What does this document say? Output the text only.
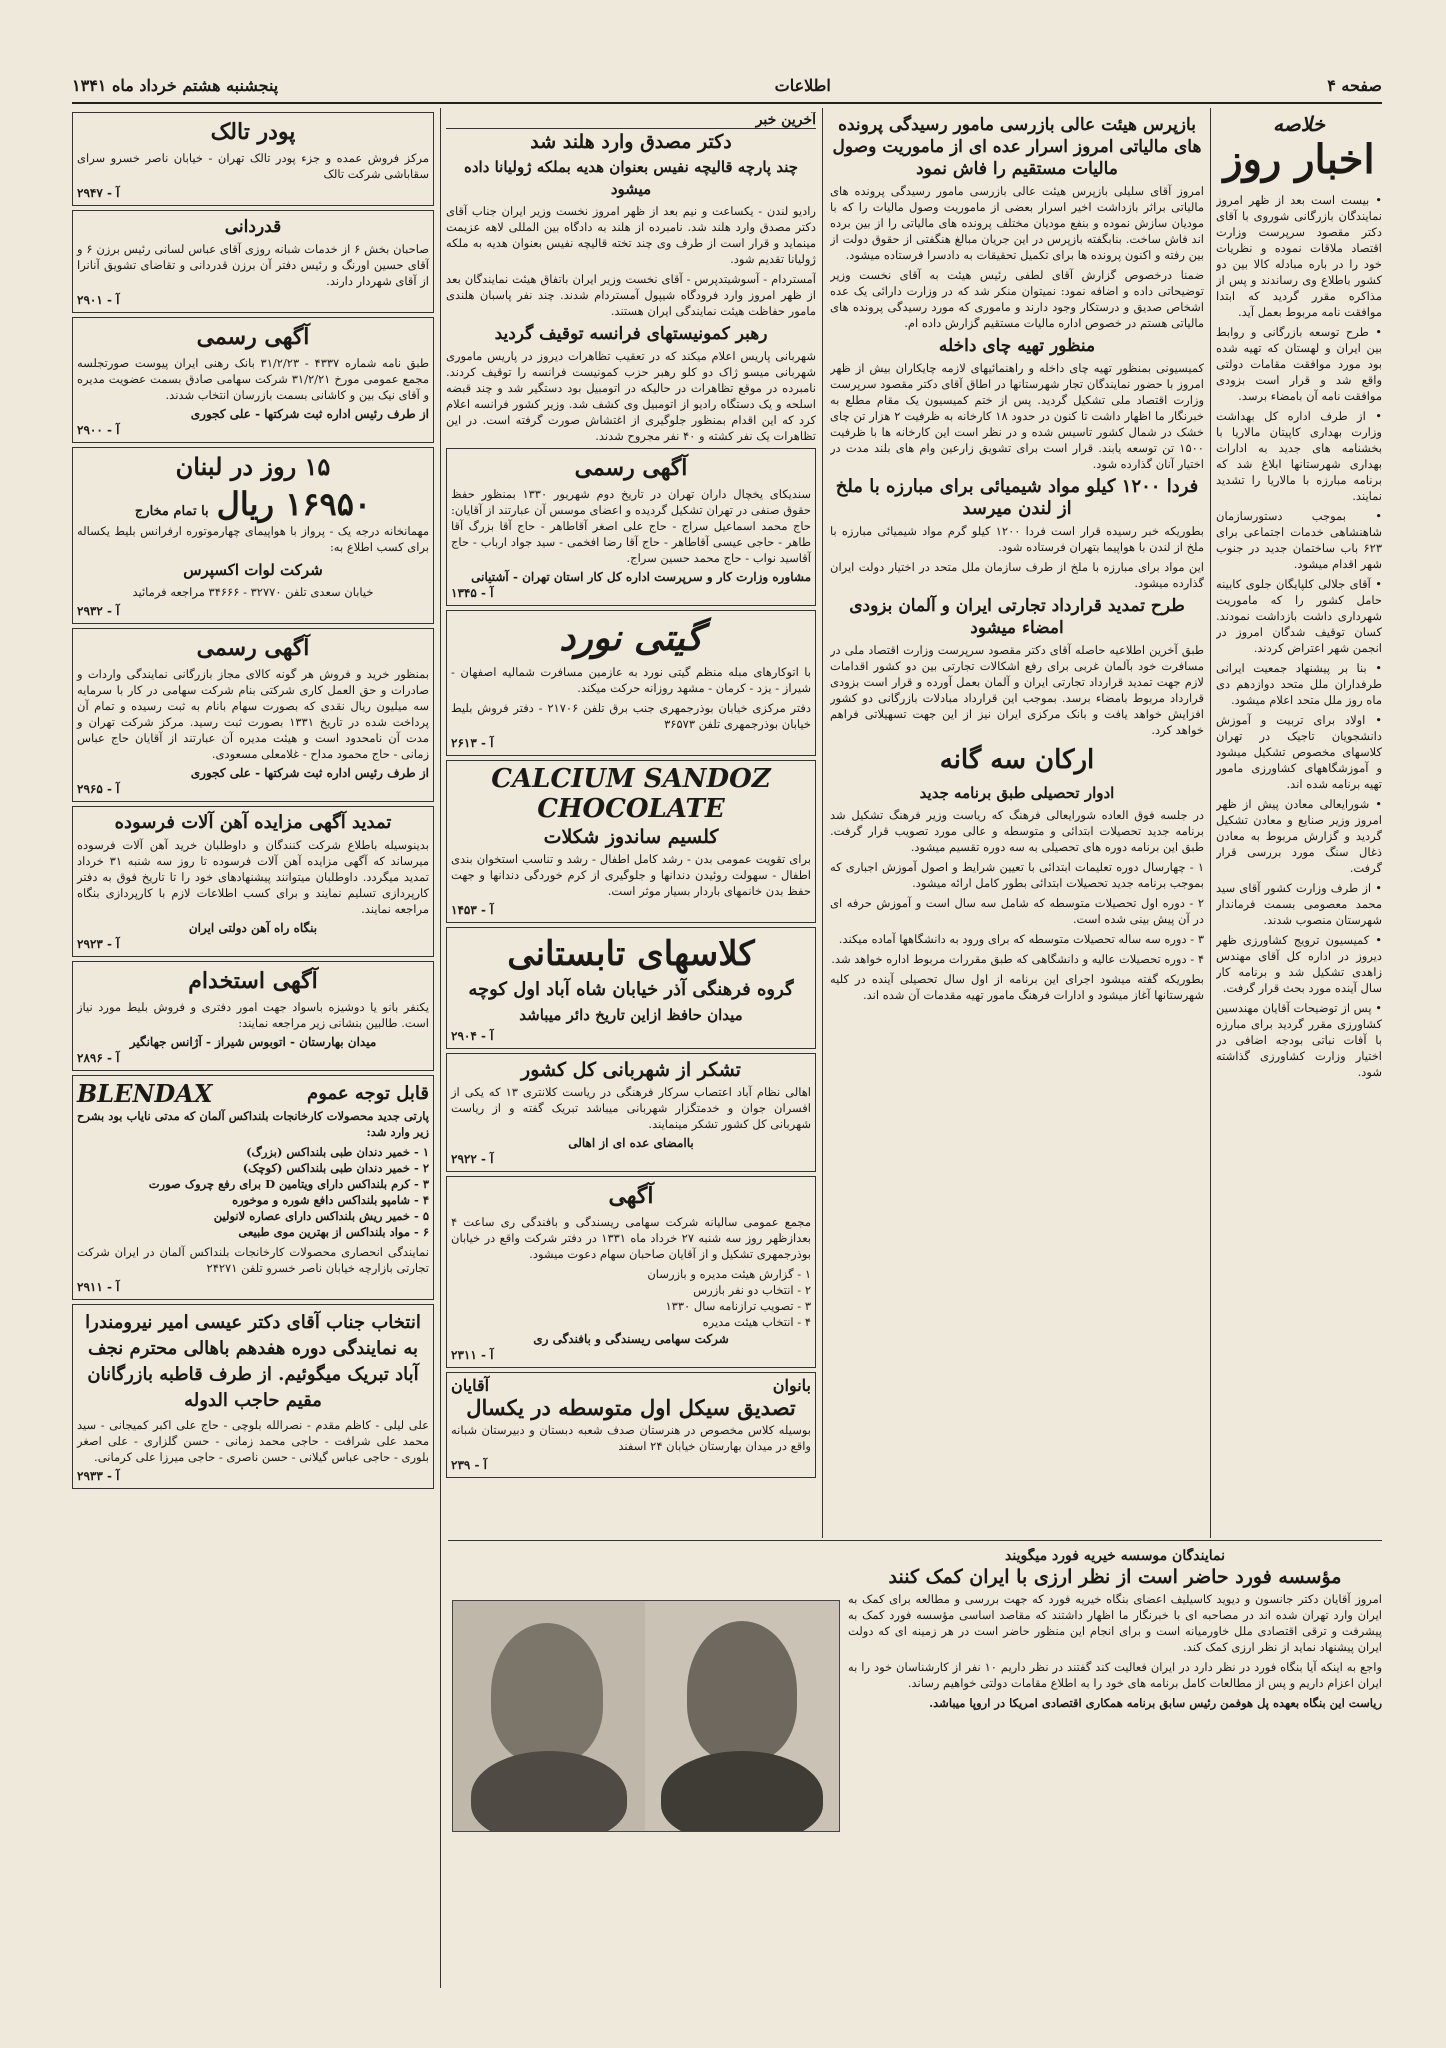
صفحه ۴
اطلاعات
پنجشنبه هشتم خرداد ماه ۱۳۴۱
خلاصه
اخبار روز
• بیست است بعد از ظهر امروز نمایندگان بازرگانی شوروی با آقای دکتر مقصود سرپرست وزارت اقتصاد ملاقات نموده و نظریات خود را در باره مبادله کالا بین دو کشور باطلاع وی رساندند و پس از مذاکره مقرر گردید که ابتدا موافقت نامه مربوط بعمل آید.
• طرح توسعه بازرگانی و روابط بین ایران و لهستان که تهیه شده بود مورد موافقت مقامات دولتی واقع شد و قرار است بزودی موافقت نامه آن بامضاء برسد.
• از طرف اداره کل بهداشت وزارت بهداری کاپیتان مالاریا با بخشنامه های جدید به ادارات بهداری شهرستانها ابلاغ شد که برنامه مبارزه با مالاریا را تشدید نمایند.
• بموجب دستورسازمان شاهنشاهی خدمات اجتماعی برای ۶۲۳ باب ساختمان جدید در جنوب شهر اقدام میشود.
• آقای جلالی کلپایگان جلوی کابینه حامل کشور را که ماموریت شهرداری داشت بازداشت نمودند. کسان توقیف شدگان امروز در انجمن شهر اعتراض کردند.
• بنا بر پیشنهاد جمعیت ایرانی طرفداران ملل متحد دوازدهم دی ماه روز ملل متحد اعلام میشود.
• اولاد برای تربیت و آموزش دانشجویان تاجیک در تهران کلاسهای مخصوص تشکیل میشود و آموزشگاههای کشاورزی مامور تهیه برنامه شده اند.
• شورایعالی معادن پیش از ظهر امروز وزیر صنایع و معادن تشکیل گردید و گزارش مربوط به معادن ذغال سنگ مورد بررسی قرار گرفت.
• از طرف وزارت کشور آقای سید محمد معصومی بسمت فرماندار شهرستان منصوب شدند.
• کمیسیون ترویج کشاورزی ظهر دیروز در اداره کل آقای مهندس زاهدی تشکیل شد و برنامه کار سال آینده مورد بحث قرار گرفت.
• پس از توضیحات آقایان مهندسین کشاورزی مقرر گردید برای مبارزه با آفات نباتی بودجه اضافی در اختیار وزارت کشاورزی گذاشته شود.
بازپرس هیئت عالی بازرسی مامور رسیدگی پرونده های مالیاتی امروز اسرار عده ای از ماموریت وصول مالیات مستقیم را فاش نمود

امروز آقای سلیلی بازپرس هیئت عالی بازرسی مامور رسیدگی پرونده های مالیاتی براثر بازداشت اخیر اسرار بعضی از ماموریت وصول مالیات را که با مودیان سازش نموده و بنفع مودیان مختلف پرونده های مالیاتی را از بین برده اند فاش ساخت. بنابگفته بازپرس در این جریان مبالغ هنگفتی از حقوق دولت از بین رفته و اکنون پرونده ها برای تکمیل تحقیقات به دادسرا فرستاده میشود.

ضمنا درخصوص گزارش آقای لطفی رئیس هیئت به آقای نخست وزیر توضیحاتی داده و اضافه نمود: نمیتوان منکر شد که در وزارت دارائی یک عده اشخاص صدیق و درستکار وجود دارند و ماموری که مورد رسیدگی پرونده های مالیاتی هستم در خصوص اداره مالیات مستقیم گزارش داده ام.

منظور تهیه چای داخله

کمیسیونی بمنظور تهیه چای داخله و راهنمائیهای لازمه چایکاران بیش از ظهر امروز با حضور نمایندگان تجار شهرستانها در اطاق آقای دکتر مقصود سرپرست وزارت اقتصاد ملی تشکیل گردید. پس از ختم کمیسیون یک مقام مطلع به خبرنگار ما اظهار داشت تا کنون در حدود ۱۸ کارخانه به ظرفیت ۲ هزار تن چای خشک در شمال کشور تاسیس شده و در نظر است این کارخانه ها با ظرفیت ۱۵۰۰ تن توسعه یابند. قرار است برای تشویق زارعین وام های بلند مدت در اختیار آنان گذارده شود.

فردا ۱۲۰۰ کیلو مواد شیمیائی برای مبارزه با ملخ از لندن میرسد

بطوریکه خبر رسیده قرار است فردا ۱۲۰۰ کیلو گرم مواد شیمیائی مبارزه با ملخ از لندن با هواپیما بتهران فرستاده شود.

این مواد برای مبارزه با ملخ از طرف سازمان ملل متحد در اختیار دولت ایران گذارده میشود.

طرح تمدید قرارداد تجارتی ایران و آلمان بزودی امضاء میشود

طبق آخرین اطلاعیه حاصله آقای دکتر مقصود سرپرست وزارت اقتصاد ملی در مسافرت خود بآلمان غربی برای رفع اشکالات تجارتی بین دو کشور اقدامات لازم جهت تمدید قرارداد تجارتی ایران و آلمان بعمل آورده و قرار است بزودی قرارداد مربوط بامضاء برسد. بموجب این قرارداد مبادلات بازرگانی دو کشور افزایش خواهد یافت و بانک مرکزی ایران نیز از این جهت تسهیلاتی فراهم خواهد کرد.

ارکان سه گانه
ادوار تحصیلی طبق برنامه جدید

در جلسه فوق العاده شورایعالی فرهنگ که ریاست وزیر فرهنگ تشکیل شد برنامه جدید تحصیلات ابتدائی و متوسطه و عالی مورد تصویب قرار گرفت. طبق این برنامه دوره های تحصیلی به سه دوره تقسیم میشود.

۱ - چهارسال دوره تعلیمات ابتدائی با تعیین شرایط و اصول آموزش اجباری که بموجب برنامه جدید تحصیلات ابتدائی بطور کامل ارائه میشود.

۲ - دوره اول تحصیلات متوسطه که شامل سه سال است و آموزش حرفه ای در آن پیش بینی شده است.

۳ - دوره سه ساله تحصیلات متوسطه که برای ورود به دانشگاهها آماده میکند.

۴ - دوره تحصیلات عالیه و دانشگاهی که طبق مقررات مربوط اداره خواهد شد.

بطوریکه گفته میشود اجرای این برنامه از اول سال تحصیلی آینده در کلیه شهرستانها آغاز میشود و ادارات فرهنگ مامور تهیه مقدمات آن شده اند.

آخرین خبر
دکتر مصدق وارد هلند شد
چند پارچه قالیچه نفیس بعنوان هدیه بملکه ژولیانا داده میشود

رادیو لندن - یکساعت و نیم بعد از ظهر امروز نخست وزیر ایران جناب آقای دکتر مصدق وارد هلند شد. نامبرده از هلند به دادگاه بین المللی لاهه عزیمت مینماید و قرار است از طرف وی چند تخته قالیچه نفیس بعنوان هدیه به ملکه ژولیانا تقدیم شود.

آمستردام - آسوشیتدپرس - آقای نخست وزیر ایران باتفاق هیئت نمایندگان بعد از ظهر امروز وارد فرودگاه شیپول آمستردام شدند. چند نفر پاسبان هلندی مامور حفاظت هیئت نمایندگی ایران هستند.

رهبر کمونیستهای فرانسه توقیف گردید

شهربانی پاریس اعلام میکند که در تعقیب تظاهرات دیروز در پاریس ماموری شهربانی میسو ژاک دو کلو رهبر حزب کمونیست فرانسه را توقیف کردند. نامبرده در موقع تظاهرات در حالیکه در اتومبیل بود دستگیر شد و چند قبضه اسلحه و یک دستگاه رادیو از اتومبیل وی کشف شد. وزیر کشور فرانسه اعلام کرد که این اقدام بمنظور جلوگیری از اغتشاش صورت گرفته است. در این تظاهرات یک نفر کشته و ۴۰ نفر مجروح شدند.

آگهی رسمی

سندیکای یخچال داران تهران در تاریخ دوم شهریور ۱۳۳۰ بمنظور حفظ حقوق صنفی در تهران تشکیل گردیده و اعضای موسس آن عبارتند از آقایان: حاج محمد اسماعیل سراج - حاج علی اصغر آقاطاهر - حاج آقا بزرگ آقا طاهر - حاجی عیسی آقاطاهر - حاج آقا رضا افخمی - سید جواد ارباب - حاج آقاسید نواب - حاج محمد حسین سراج.

مشاوره وزارت کار و سرپرست اداره کل کار استان تهران - آشتیانی
آ - ۱۳۴۵
گیتی نورد

با اتوکارهای مبله منظم گیتی نورد به عازمین مسافرت شمالیه اصفهان - شیراز - یزد - کرمان - مشهد روزانه حرکت میکند.

دفتر مرکزی خیابان بوذرجمهری جنب برق تلفن ۲۱۷۰۶ - دفتر فروش بلیط خیابان بوذرجمهری تلفن ۳۶۵۷۳

آ - ۲۶۱۳
CALCIUM SANDOZ
CHOCOLATE
کلسیم ساندوز شکلات

برای تقویت عمومی بدن - رشد کامل اطفال - رشد و تناسب استخوان بندی اطفال - سهولت روئیدن دندانها و جلوگیری از کرم خوردگی دندانها و جهت حفظ بدن خانمهای باردار بسیار موثر است.

آ - ۱۴۵۳
کلاسهای تابستانی
گروه فرهنگی آذر خیابان شاه آباد اول کوچه
میدان حافظ ازاین تاریخ دائر میباشد
آ - ۲۹۰۴
تشکر از شهربانی کل کشور

اهالی نظام آباد اعتصاب سرکار فرهنگی در ریاست کلانتری ۱۳ که یکی از افسران جوان و خدمتگزار شهربانی میباشد تبریک گفته و از ریاست شهربانی کل کشور تشکر مینمایند.

باامضای عده ای از اهالی
آ - ۲۹۲۲
آگهی

مجمع عمومی سالیانه شرکت سهامی ریسندگی و بافندگی ری ساعت ۴ بعدازظهر روز سه شنبه ۲۷ خرداد ماه ۱۳۳۱ در دفتر شرکت واقع در خیابان بوذرجمهری تشکیل و از آقایان صاحبان سهام دعوت میشود.

۱ - گزارش هیئت مدیره و بازرسان

۲ - انتخاب دو نفر بازرس

۳ - تصویب ترازنامه سال ۱۳۳۰

۴ - انتخاب هیئت مدیره

شرکت سهامی ریسندگی و بافندگی ری
آ - ۲۳۱۱
بانوان
آقایان
تصدیق سیکل اول متوسطه در یکسال

بوسیله کلاس مخصوص در هنرستان صدف شعبه دبستان و دبیرستان شبانه واقع در میدان بهارستان خیابان ۲۴ اسفند

آ - ۲۳۹
پودر تالک

مرکز فروش عمده و جزء پودر تالک تهران - خیابان ناصر خسرو سرای سقاباشی شرکت تالک

آ - ۲۹۴۷
قدردانی

صاحبان بخش ۶ از خدمات شبانه روزی آقای عباس لسانی رئیس برزن ۶ و آقای حسین اورنگ و رئیس دفتر آن برزن قدردانی و تقاضای تشویق آنانرا از آقای شهردار دارند.

آ - ۲۹۰۱
آگهی رسمی

طبق نامه شماره ۴۳۳۷ - ۳۱/۲/۲۳ بانک رهنی ایران پیوست صورتجلسه مجمع عمومی مورخ ۳۱/۲/۲۱ شرکت سهامی صادق بسمت عضویت مدیره و آقای نیک بین و کاشانی بسمت بازرسان انتخاب شدند.

از طرف رئیس اداره ثبت شرکتها - علی کجوری
آ - ۲۹۰۰
۱۵ روز در لبنان
۱۶۹۵۰ ریال
با تمام مخارج

مهمانخانه درجه یک - پرواز با هواپیمای چهارموتوره ارفرانس بلیط یکساله برای کسب اطلاع به:

شرکت لوات اکسپرس

خیابان سعدی تلفن ۳۲۷۷۰ - ۳۴۶۶۶ مراجعه فرمائید

آ - ۲۹۳۲
آگهی رسمی

بمنظور خرید و فروش هر گونه کالای مجاز بازرگانی نمایندگی واردات و صادرات و حق العمل کاری شرکتی بنام شرکت سهامی در کار با سرمایه سه میلیون ریال نقدی که بصورت سهام بانام به ثبت رسیده و تمام آن پرداخت شده در تاریخ ۱۳۳۱ بصورت ثبت رسید. مرکز شرکت تهران و مدت آن نامحدود است و هیئت مدیره آن عبارتند از آقایان حاج عباس زمانی - حاج محمود مداح - غلامعلی مسعودی.

از طرف رئیس اداره ثبت شرکتها - علی کجوری
آ - ۲۹۶۵
تمدید آگهی مزایده آهن آلات فرسوده

بدینوسیله باطلاع شرکت کنندگان و داوطلبان خرید آهن آلات فرسوده میرساند که آگهی مزایده آهن آلات فرسوده تا روز سه شنبه ۳۱ خرداد تمدید میگردد. داوطلبان میتوانند پیشنهادهای خود را تا تاریخ فوق به دفتر کارپردازی تسلیم نمایند و برای کسب اطلاعات لازم با کارپردازی بنگاه مراجعه نمایند.

بنگاه راه آهن دولتی ایران
آ - ۲۹۲۳
آگهی استخدام

یکنفر بانو یا دوشیزه باسواد جهت امور دفتری و فروش بلیط مورد نیاز است. طالبین بنشانی زیر مراجعه نمایند:

میدان بهارستان - اتوبوس شیراز - آژانس جهانگیر
آ - ۲۸۹۶
قابل توجه عموم
BLENDAX

پارتی جدید محصولات کارخانجات بلنداکس آلمان که مدتی نایاب بود بشرح زیر وارد شد:

۱ - خمیر دندان طبی بلنداکس (بزرگ)

۲ - خمیر دندان طبی بلنداکس (کوچک)

۳ - کرم بلنداکس دارای ویتامین D برای رفع چروک صورت

۴ - شامپو بلنداکس دافع شوره و موخوره

۵ - خمیر ریش بلنداکس دارای عصاره لانولین

۶ - مواد بلنداکس از بهترین موی طبیعی

نمایندگی انحصاری محصولات کارخانجات بلنداکس آلمان در ایران شرکت تجارتی بازارچه خیابان ناصر خسرو تلفن ۲۴۲۷۱

آ - ۲۹۱۱
انتخاب جناب آقای دکتر عیسی امیر نیرومندرا به نمایندگی دوره هفدهم باهالی محترم نجف آباد تبریک میگوئیم. از طرف قاطبه بازرگانان مقیم حاجب الدوله

علی لیلی - کاظم مقدم - نصرالله بلوچی - حاج علی اکبر کمیجانی - سید محمد علی شرافت - حاجی محمد زمانی - حسن گلزاری - علی اصغر بلوری - حاجی عباس گیلانی - حسن ناصری - حاجی میرزا علی کرمانی.

آ - ۲۹۳۳
نمایندگان موسسه خیریه فورد میگویند
مؤسسه فورد حاضر است از نظر ارزی با ایران کمک کنند

امروز آقایان دکتر جانسون و دیوید کاسیلیف اعضای بنگاه خیریه فورد که جهت بررسی و مطالعه برای کمک به ایران وارد تهران شده اند در مصاحبه ای با خبرنگار ما اظهار داشتند که مقاصد اساسی مؤسسه فورد کمک به پیشرفت و ترقی اقتصادی ملل خاورمیانه است و برای انجام این منظور حاضر است در هر زمینه ای که دولت ایران پیشنهاد نماید از نظر ارزی کمک کند.

واجع به اینکه آیا بنگاه فورد در نظر دارد در ایران فعالیت کند گفتند در نظر داریم ۱۰ نفر از کارشناسان خود را به ایران اعزام داریم و پس از مطالعات کامل برنامه های خود را به اطلاع مقامات دولتی خواهیم رساند.

ریاست این بنگاه بعهده پل هوفمن رئیس سابق برنامه همکاری اقتصادی امریکا در اروپا میباشد.
